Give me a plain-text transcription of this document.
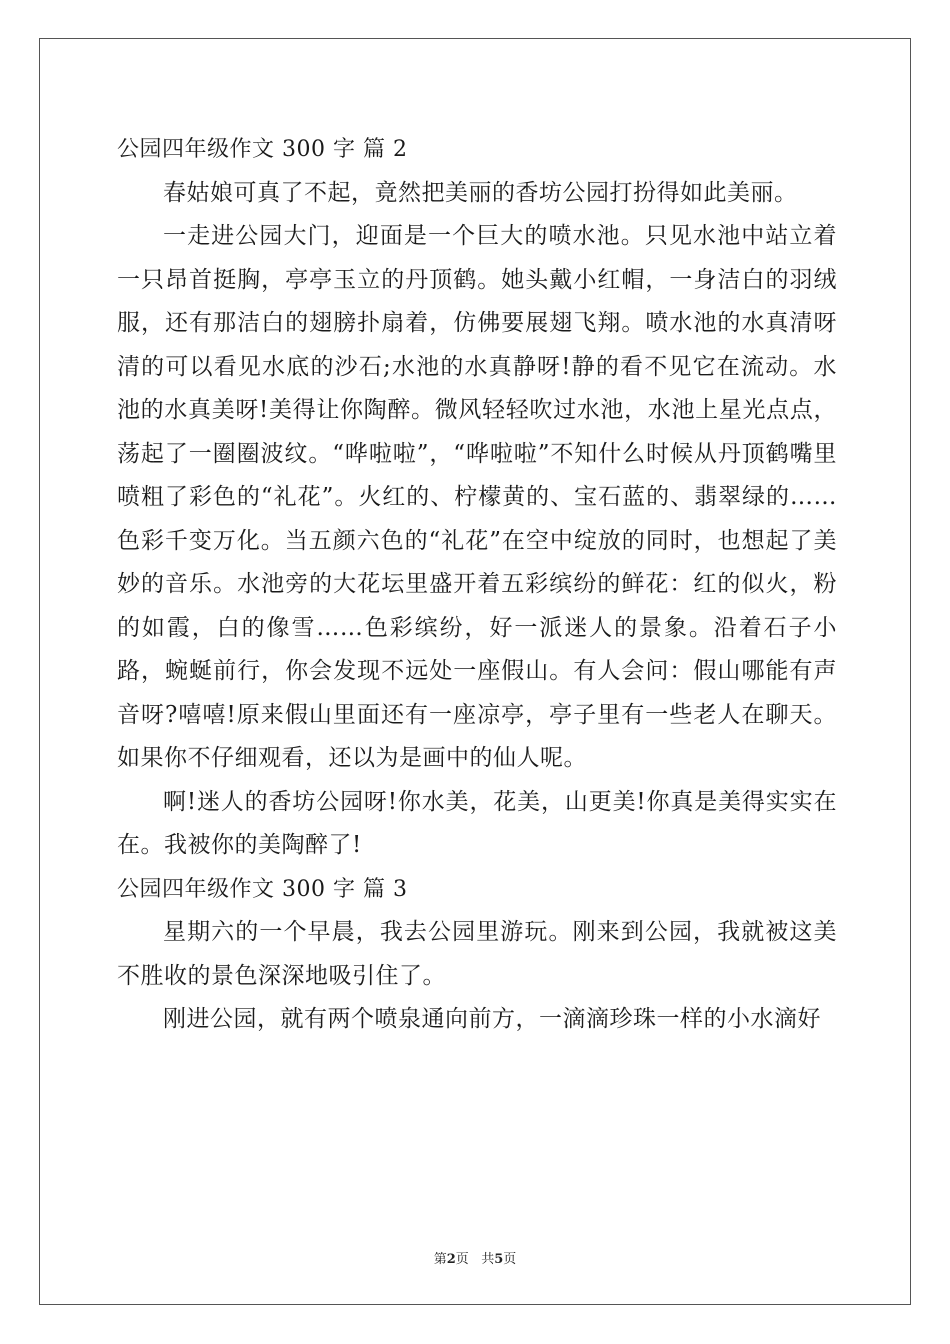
公园四年级作文 300 字 篇 2

春姑娘可真了不起，竟然把美丽的香坊公园打扮得如此美丽。

一走进公园大门，迎面是一个巨大的喷水池。只见水池中站立着一只昂首挺胸，亭亭玉立的丹顶鹤。她头戴小红帽，一身洁白的羽绒服，还有那洁白的翅膀扑扇着，仿佛要展翅飞翔。喷水池的水真清呀清的可以看见水底的沙石;水池的水真静呀!静的看不见它在流动。水池的水真美呀!美得让你陶醉。微风轻轻吹过水池，水池上星光点点，荡起了一圈圈波纹。“哗啦啦”，“哗啦啦”不知什么时候从丹顶鹤嘴里喷粗了彩色的“礼花”。火红的、柠檬黄的、宝石蓝的、翡翠绿的……色彩千变万化。当五颜六色的“礼花”在空中绽放的同时，也想起了美妙的音乐。水池旁的大花坛里盛开着五彩缤纷的鲜花：红的似火，粉的如霞，白的像雪……色彩缤纷，好一派迷人的景象。沿着石子小路，蜿蜒前行，你会发现不远处一座假山。有人会问：假山哪能有声音呀?嘻嘻!原来假山里面还有一座凉亭，亭子里有一些老人在聊天。如果你不仔细观看，还以为是画中的仙人呢。

啊!迷人的香坊公园呀!你水美，花美，山更美!你真是美得实实在在。我被你的美陶醉了!

公园四年级作文 300 字 篇 3

星期六的一个早晨，我去公园里游玩。刚来到公园，我就被这美不胜收的景色深深地吸引住了。

刚进公园，就有两个喷泉通向前方，一滴滴珍珠一样的小水滴好

第2页   共5页
